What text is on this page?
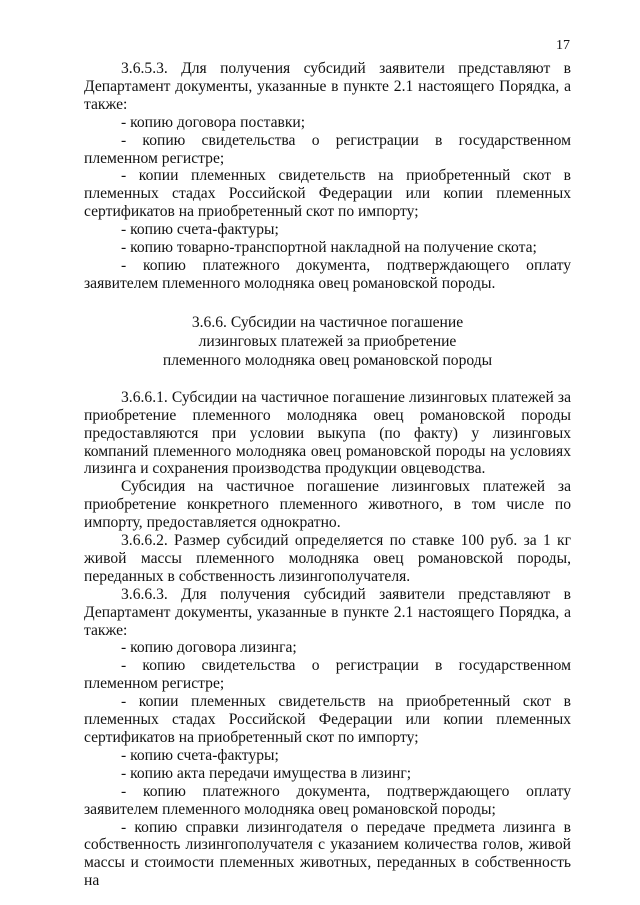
17

3.6.5.3. Для получения субсидий заявители представляют в Департамент документы, указанные в пункте 2.1 настоящего Порядка, а также:

- копию договора поставки;

- копию свидетельства о регистрации в государственном племенном регистре;

- копии племенных свидетельств на приобретенный скот в племенных стадах Российской Федерации или копии племенных сертификатов на приобретенный скот по импорту;

- копию счета-фактуры;

- копию товарно-транспортной накладной на получение скота;

- копию платежного документа, подтверждающего оплату заявителем племенного молодняка овец романовской породы.

3.6.6. Субсидии на частичное погашение
лизинговых платежей за приобретение
племенного молодняка овец романовской породы

3.6.6.1. Субсидии на частичное погашение лизинговых платежей за приобретение племенного молодняка овец романовской породы предоставляются при условии выкупа (по факту) у лизинговых компаний племенного молодняка овец романовской породы на условиях лизинга и сохранения производства продукции овцеводства.

Субсидия на частичное погашение лизинговых платежей за приобретение конкретного племенного животного, в том числе по импорту, предоставляется однократно.

3.6.6.2. Размер субсидий определяется по ставке 100 руб. за 1 кг живой массы племенного молодняка овец романовской породы, переданных в собственность лизингополучателя.

3.6.6.3. Для получения субсидий заявители представляют в Департамент документы, указанные в пункте 2.1 настоящего Порядка, а также:

- копию договора лизинга;

- копию свидетельства о регистрации в государственном племенном регистре;

- копии племенных свидетельств на приобретенный скот в племенных стадах Российской Федерации или копии племенных сертификатов на приобретенный скот по импорту;

- копию счета-фактуры;

- копию акта передачи имущества в лизинг;

- копию платежного документа, подтверждающего оплату заявителем племенного молодняка овец романовской породы;

- копию справки лизингодателя о передаче предмета лизинга в собственность лизингополучателя с указанием количества голов, живой массы и стоимости племенных животных, переданных в собственность на
